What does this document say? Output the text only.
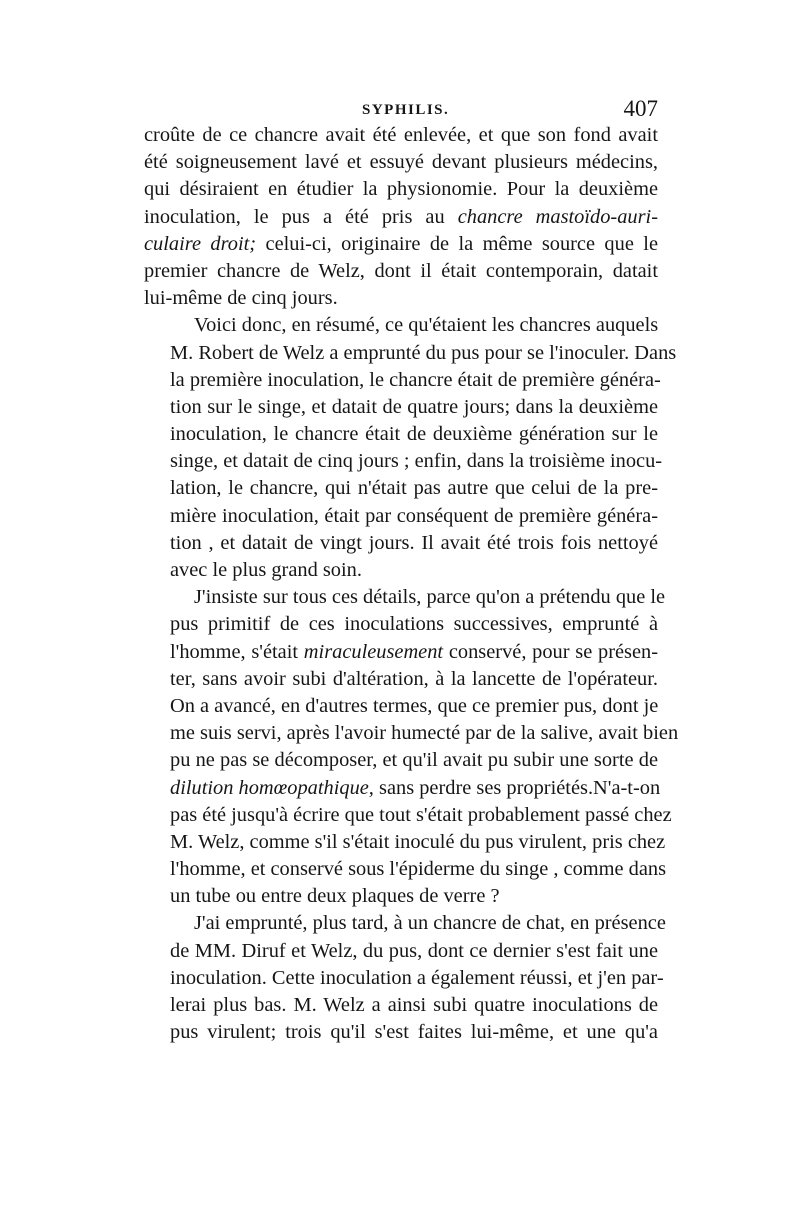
SYPHILIS.	407

croûte de ce chancre avait été enlevée, et que son fond avait
été soigneusement lavé et essuyé devant plusieurs médecins,
qui désiraient en étudier la physionomie. Pour la deuxième
inoculation, le pus a été pris au chancre mastoïdo-auri-
culaire droit; celui-ci, originaire de la même source que le
premier chancre de Welz, dont il était contemporain, datait
lui-même de cinq jours.

Voici donc, en résumé, ce qu'étaient les chancres auquels
M. Robert de Welz a emprunté du pus pour se l'inoculer. Dans
la première inoculation, le chancre était de première généra-
tion sur le singe, et datait de quatre jours; dans la deuxième
inoculation, le chancre était de deuxième génération sur le
singe, et datait de cinq jours ; enfin, dans la troisième inocu-
lation, le chancre, qui n'était pas autre que celui de la pre-
mière inoculation, était par conséquent de première généra-
tion , et datait de vingt jours. Il avait été trois fois nettoyé
avec le plus grand soin.

J'insiste sur tous ces détails, parce qu'on a prétendu que le
pus primitif de ces inoculations successives, emprunté à
l'homme, s'était miraculeusement conservé, pour se présen-
ter, sans avoir subi d'altération, à la lancette de l'opérateur.
On a avancé, en d'autres termes, que ce premier pus, dont je
me suis servi, après l'avoir humecté par de la salive, avait bien
pu ne pas se décomposer, et qu'il avait pu subir une sorte de
dilution homœopathique, sans perdre ses propriétés.N'a-t-on
pas été jusqu'à écrire que tout s'était probablement passé chez
M. Welz, comme s'il s'était inoculé du pus virulent, pris chez
l'homme, et conservé sous l'épiderme du singe , comme dans
un tube ou entre deux plaques de verre ?

J'ai emprunté, plus tard, à un chancre de chat, en présence
de MM. Diruf et Welz, du pus, dont ce dernier s'est fait une
inoculation. Cette inoculation a également réussi, et j'en par-
lerai plus bas. M. Welz a ainsi subi quatre inoculations de
pus virulent; trois qu'il s'est faites lui-même, et une qu'a
